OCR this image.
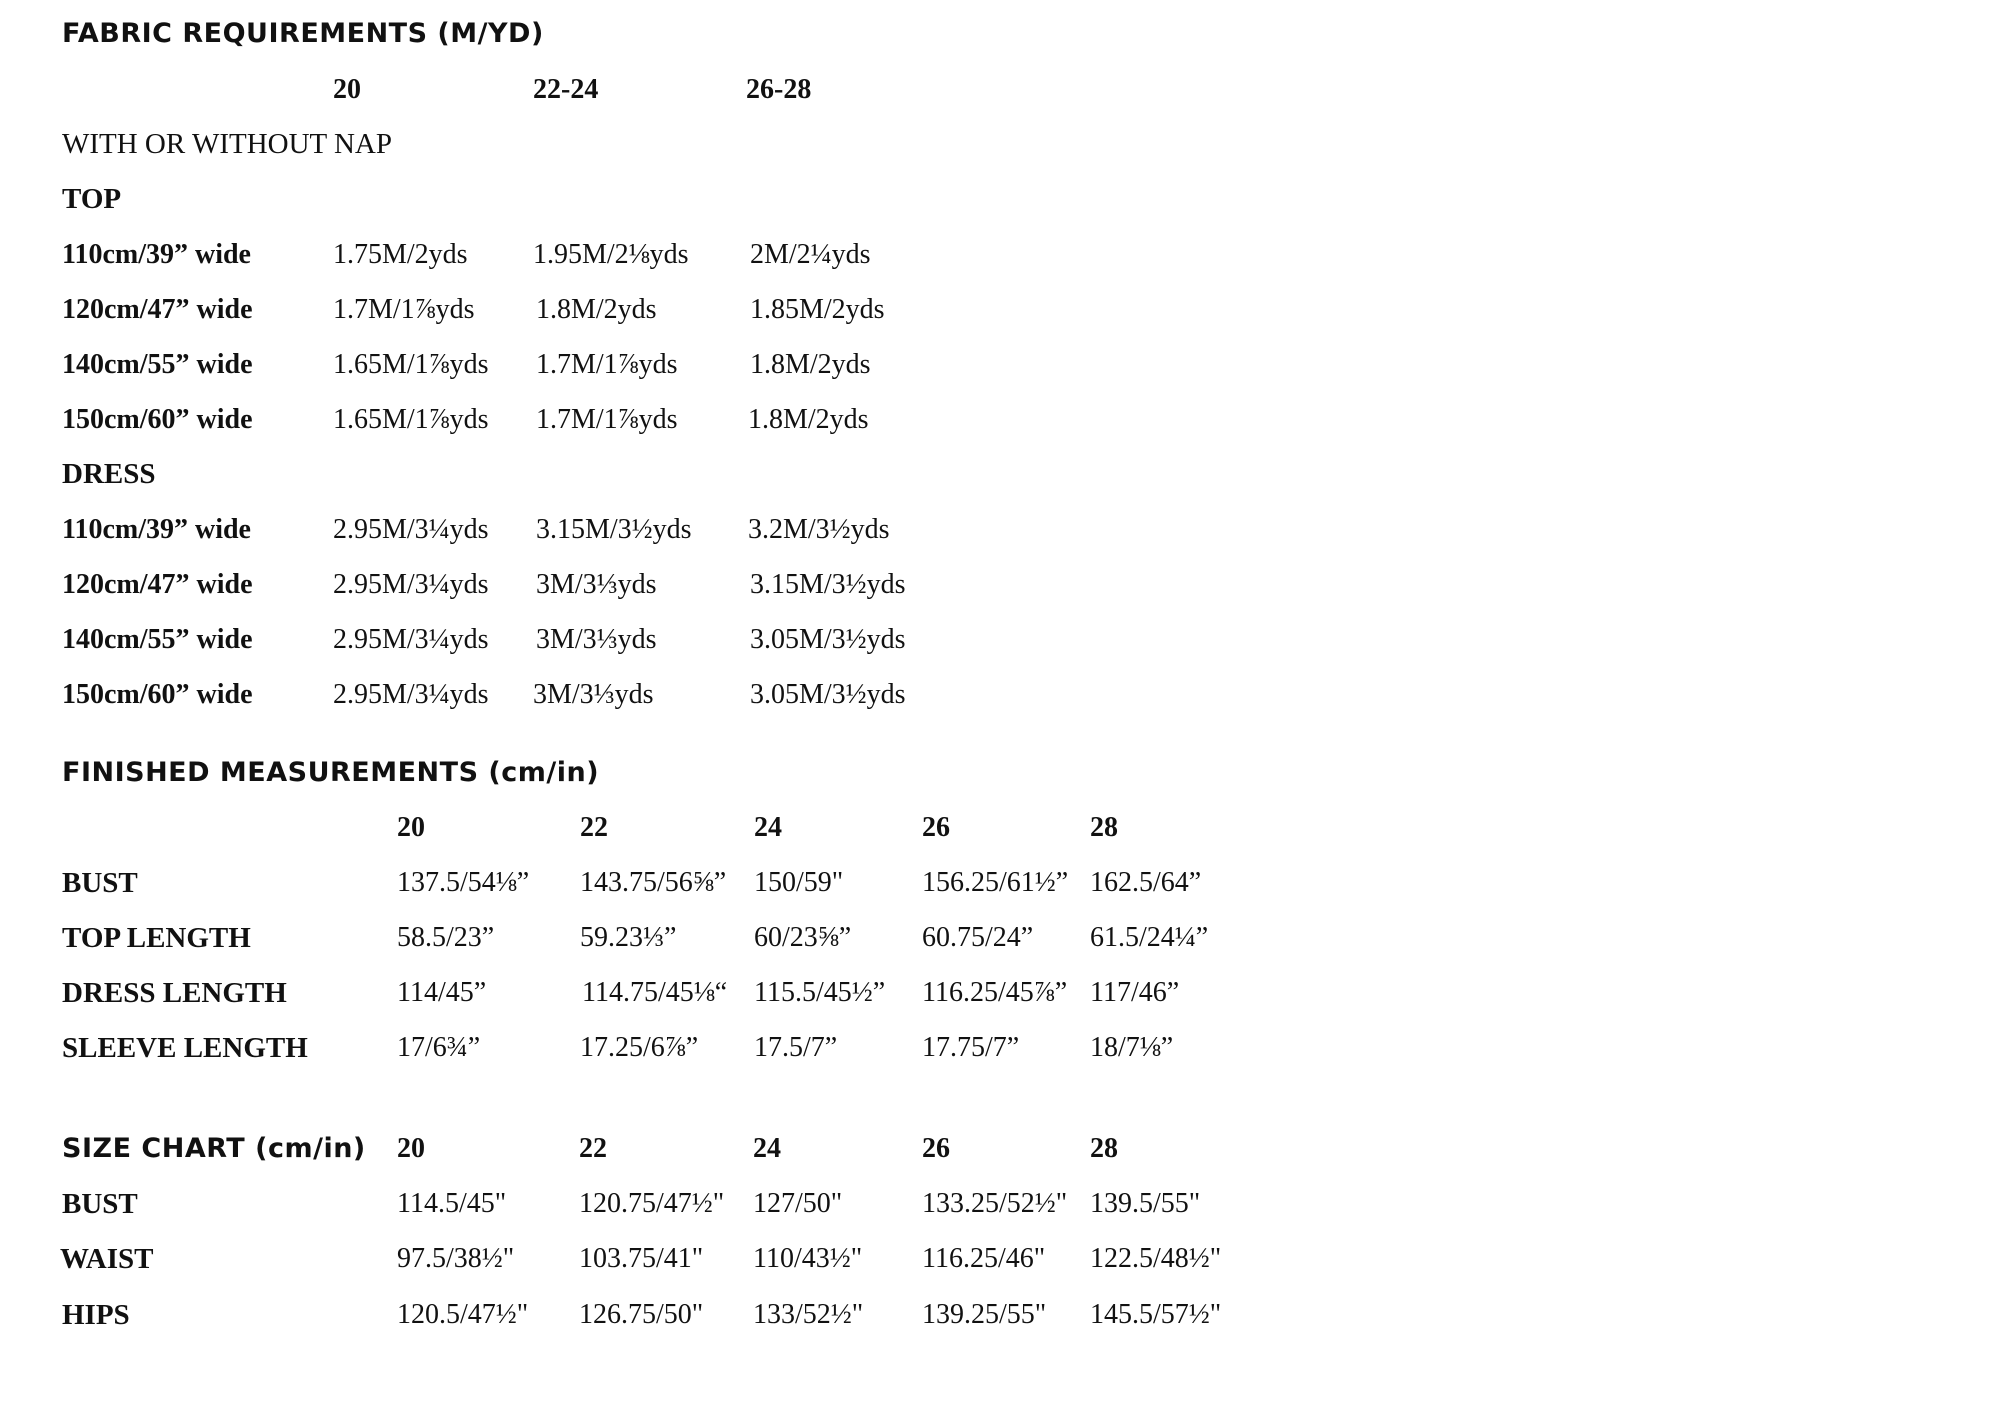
FABRIC REQUIREMENTS (M/YD)
20	22-24	26-28
WITH OR WITHOUT NAP
TOP
110cm/39” wide	1.75M/2yds 1.95M/2⅛yds 2M/2¼yds
120cm/47” wide	1.7M/1⅞yds 1.8M/2yds	1.85M/2yds
140cm/55” wide	1.65M/1⅞yds 1.7M/1⅞yds	1.8M/2yds
150cm/60” wide	1.65M/1⅞yds 1.7M/1⅞yds	1.8M/2yds
DRESS
110cm/39” wide	2.95M/3¼yds 3.15M/3½yds 3.2M/3½yds
120cm/47” wide	2.95M/3¼yds 3M/3⅓yds	3.15M/3½yds
140cm/55” wide	2.95M/3¼yds 3M/3⅓yds	3.05M/3½yds
150cm/60” wide	2.95M/3¼yds 3M/3⅓yds	3.05M/3½yds
FINISHED MEASUREMENTS (cm/in)
20	22	24	26	28
BUST	137.5/54⅛” 143.75/56⅝” 150/59"	156.25/61½” 162.5/64”
TOP LENGTH	58.5/23”	59.23⅓”	60/23⅝”	60.75/24” 61.5/24¼”
DRESS LENGTH	114/45”	114.75/45⅛“ 115.5/45½” 116.25/45⅞” 117/46”
SLEEVE LENGTH	17/6¾”	17.25/6⅞” 17.5/7”	17.75/7”	18/7⅛”
SIZE CHART (cm/in) 20	22	24	26	28
BUST	114.5/45"	120.75/47½" 127/50"	133.25/52½" 139.5/55"
WAIST	97.5/38½" 103.75/41" 110/43½" 116.25/46" 122.5/48½"
HIPS	120.5/47½" 126.75/50" 133/52½" 139.25/55" 145.5/57½"
